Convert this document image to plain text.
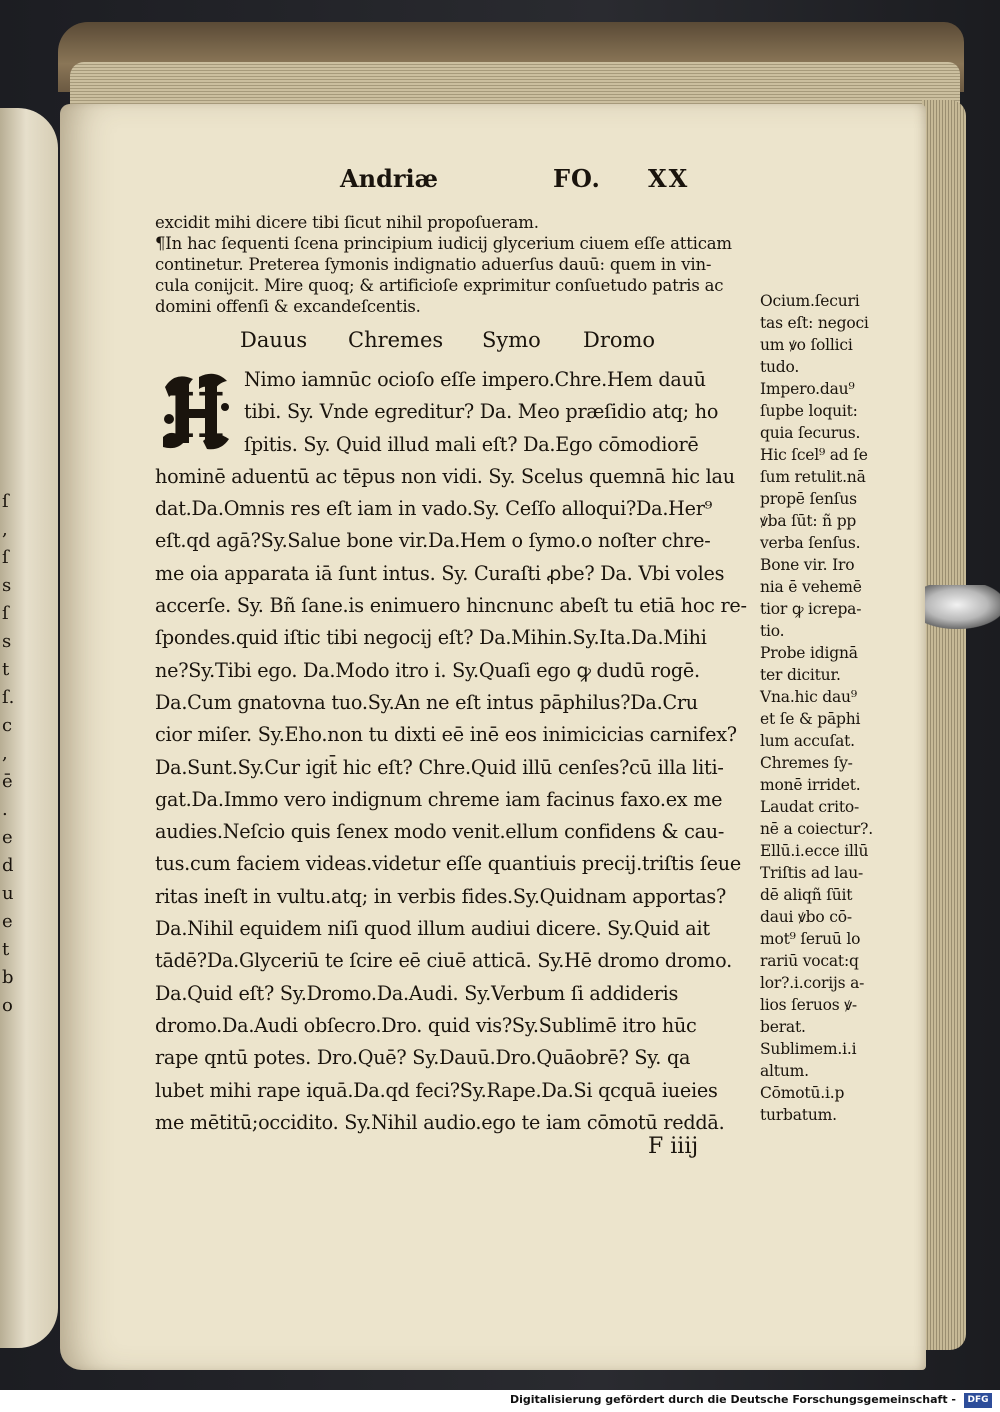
ſ
,
ſ
s
ſ
s
t
ſ.
c
,
ē
.
e
d
u
e
t
b
o
Andriæ	FO. XX
excidit mihi dicere tibi ſicut nihil propoſueram.
¶In hac ſequenti ſcena principium iudicij glycerium ciuem eſſe atticam
continetur. Preterea ſymonis indignatio aduerſus dauū: quem in vin-
cula conijcit. Mire quoq; & artificioſe exprimitur conſuetudo patris ac
domini offenſi & excandeſcentis.
Dauus Chremes Symo Dromo
H Nimo iamnūc ocioſo eſſe impero.Chre.Hem dauū
tibi. Sy. Vnde egreditur? Da. Meo præſidio atq; ho
ſpitis. Sy. Quid illud mali eſt? Da.Ego cōmodiorē
hominē aduentū ac tēpus non vidi. Sy. Scelus quemnā hic lau
dat.Da.Omnis res eſt iam in vado.Sy. Ceſſo alloqui?Da.Her⁹
eſt.qd agā?Sy.Salue bone vir.Da.Hem o ſymo.o noſter chre-
me oia apparata iā ſunt intus. Sy. Curaſti ꝓbe? Da. Vbi voles
accerſe. Sy. Bñ ſane.is enimuero hincnunc abeſt tu etiā hoc re-
ſpondes.quid iſtic tibi negocij eſt? Da.Mihin.Sy.Ita.Da.Mihi
ne?Sy.Tibi ego. Da.Modo itro i. Sy.Quaſi ego ꝙ dudū rogē.
Da.Cum gnatovna tuo.Sy.An ne eſt intus pāphilus?Da.Cru
cior miſer. Sy.Eho.non tu dixti eē inē eos inimicicias carnifex?
Da.Sunt.Sy.Cur igit̄ hic eſt? Chre.Quid illū cenſes?cū illa liti-
gat.Da.Immo vero indignum chreme iam facinus faxo.ex me
audies.Neſcio quis ſenex modo venit.ellum confidens & cau-
tus.cum faciem videas.videtur eſſe quantiuis precij.triſtis ſeue
ritas ineſt in vultu.atq; in verbis fides.Sy.Quidnam apportas?
Da.Nihil equidem niſi quod illum audiui dicere. Sy.Quid ait
tādē?Da.Glyceriū te ſcire eē ciuē atticā. Sy.Hē dromo dromo.
Da.Quid eſt? Sy.Dromo.Da.Audi. Sy.Verbum ſi addideris
dromo.Da.Audi obſecro.Dro. quid vis?Sy.Sublimē itro hūc
rape qntū potes. Dro.Quē? Sy.Dauū.Dro.Quāobrē? Sy. qa
lubet mihi rape iquā.Da.qd feci?Sy.Rape.Da.Si qcquā iueies
me mētitū;occidito. Sy.Nihil audio.ego te iam cōmotū reddā.
Ocium.ſecuri
tas eſt: negoci
um ꝟo ſollici
tudo.
Impero.dau⁹
ſupbe loquit:
quia ſecurus.
Hic ſcel⁹ ad ſe
ſum retulit.nā
propē ſenſus
ꝟba ſūt: ñ pp
verba ſenſus.
Bone vir. Iro
nia ē vehemē
tior ꝙ icrepa-
tio.
Probe idignā
ter dicitur.
Vna.hic dau⁹
et ſe & pāphi
lum accuſat.
Chremes ſy-
monē irridet.
Laudat crito-
nē a coiectur?.
Ellū.i.ecce illū
Triſtis ad lau-
dē aliqñ ſūit
daui ꝟbo cō-
mot⁹ ſeruū lo
rariū vocat:q
lor?.i.corijs a-
lios ſeruos ꝟ-
berat.
Sublimem.i.i
altum.
Cōmotū.i.p
turbatum.
F iiij
Digitalisierung gefördert durch die Deutsche Forschungsgemeinschaft -	DFG
